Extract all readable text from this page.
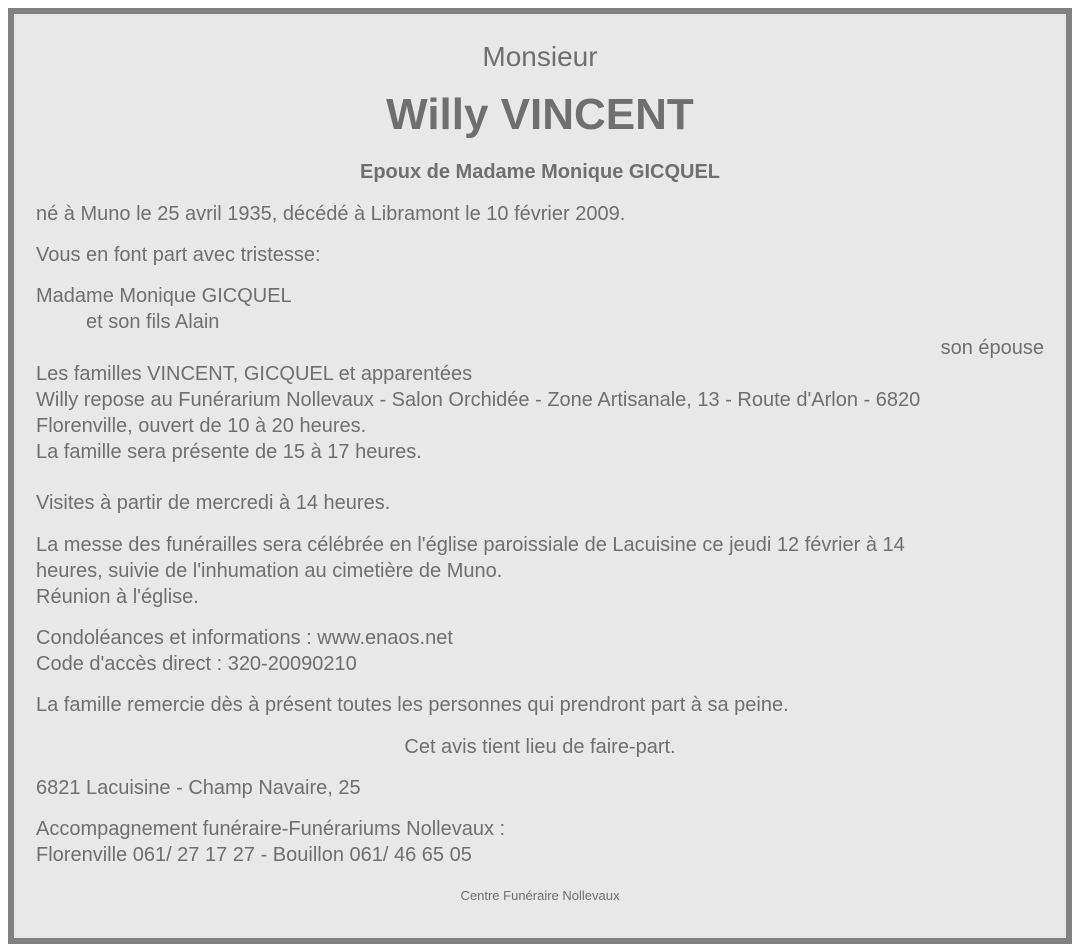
Monsieur
Willy VINCENT
Epoux de Madame Monique GICQUEL
né à Muno le 25 avril 1935, décédé à Libramont le 10 février 2009.
Vous en font part avec tristesse:
Madame Monique GICQUEL
et son fils Alain
son épouse
Les familles VINCENT, GICQUEL et apparentées
Willy repose au Funérarium Nollevaux - Salon Orchidée - Zone Artisanale, 13 - Route d'Arlon - 6820
Florenville, ouvert de 10 à 20 heures.
La famille sera présente de 15 à 17 heures.
Visites à partir de mercredi à 14 heures.
La messe des funérailles sera célébrée en l'église paroissiale de Lacuisine ce jeudi 12 février à 14
heures, suivie de l'inhumation au cimetière de Muno.
Réunion à l'église.
Condoléances et informations : www.enaos.net
Code d'accès direct : 320-20090210
La famille remercie dès à présent toutes les personnes qui prendront part à sa peine.
Cet avis tient lieu de faire-part.
6821 Lacuisine - Champ Navaire, 25
Accompagnement funéraire-Funérariums Nollevaux :
Florenville 061/ 27 17 27 - Bouillon 061/ 46 65 05
Centre Funéraire Nollevaux
